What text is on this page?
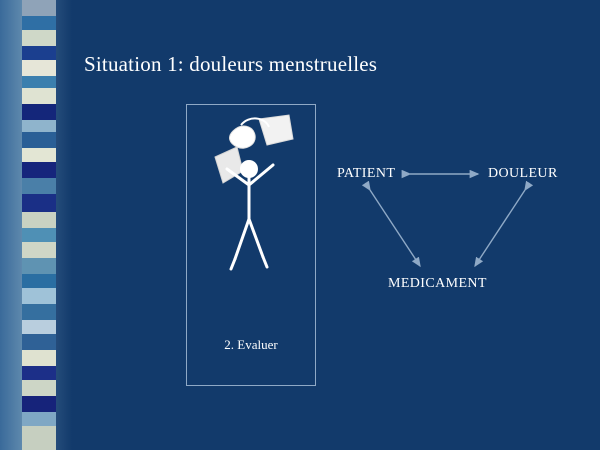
Situation 1: douleurs menstruelles
2. Evaluer
PATIENT	DOULEUR
MEDICAMENT
